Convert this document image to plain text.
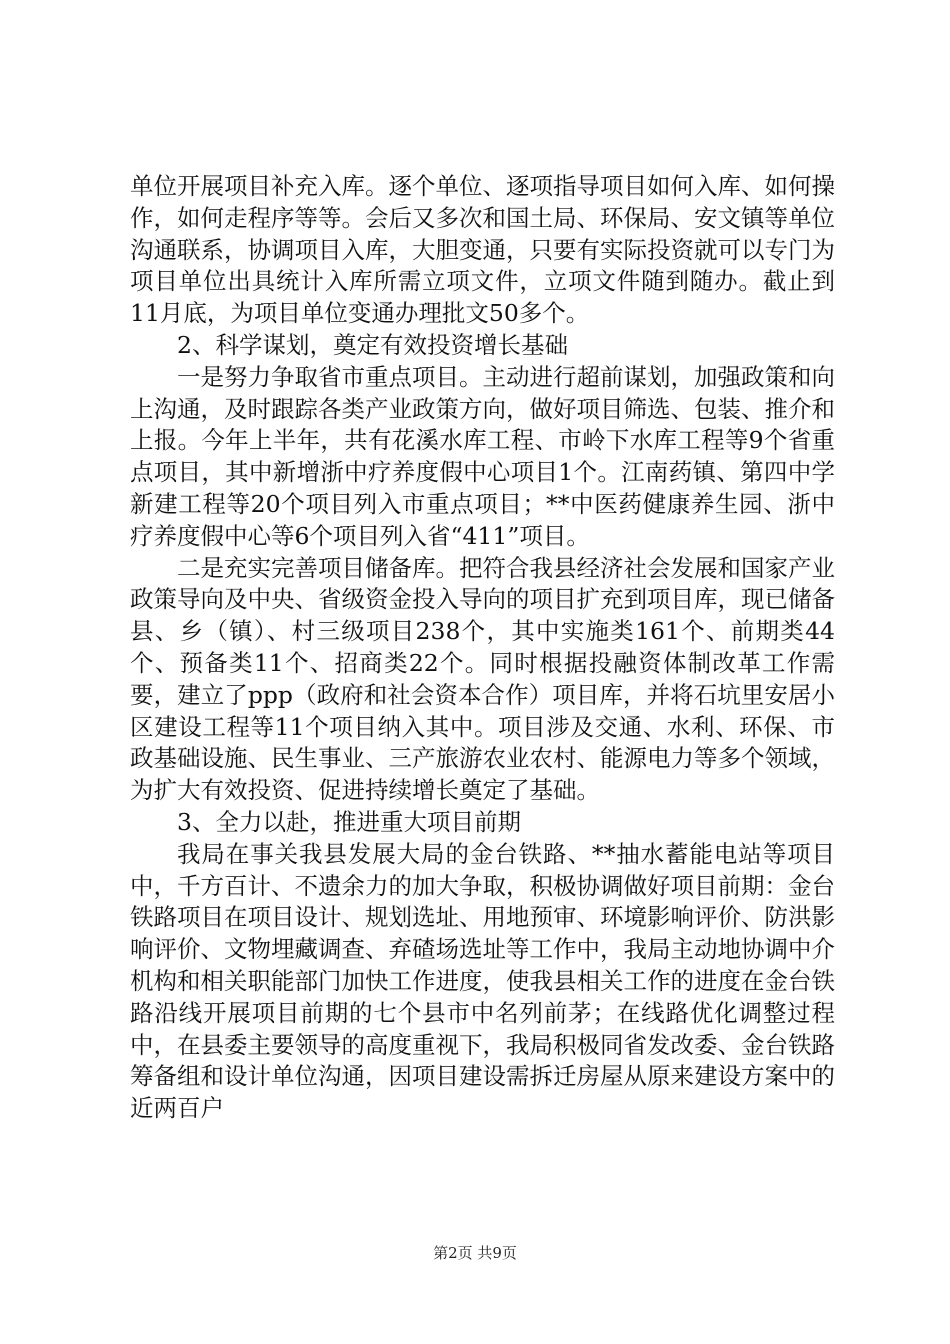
单位开展项目补充入库。逐个单位、逐项指导项目如何入库、如何操作，如何走程序等等。会后又多次和国土局、环保局、安文镇等单位沟通联系，协调项目入库，大胆变通，只要有实际投资就可以专门为项目单位出具统计入库所需立项文件，立项文件随到随办。截止到11月底，为项目单位变通办理批文50多个。

2、科学谋划，奠定有效投资增长基础

一是努力争取省市重点项目。主动进行超前谋划，加强政策和向上沟通，及时跟踪各类产业政策方向，做好项目筛选、包装、推介和上报。今年上半年，共有花溪水库工程、市岭下水库工程等9个省重点项目，其中新增浙中疗养度假中心项目1个。江南药镇、第四中学新建工程等20个项目列入市重点项目；**中医药健康养生园、浙中疗养度假中心等6个项目列入省“411”项目。

二是充实完善项目储备库。把符合我县经济社会发展和国家产业政策导向及中央、省级资金投入导向的项目扩充到项目库，现已储备县、乡（镇）、村三级项目238个，其中实施类161个、前期类44个、预备类11个、招商类22个。同时根据投融资体制改革工作需要，建立了ppp（政府和社会资本合作）项目库，并将石坑里安居小区建设工程等11个项目纳入其中。项目涉及交通、水利、环保、市政基础设施、民生事业、三产旅游农业农村、能源电力等多个领域，为扩大有效投资、促进持续增长奠定了基础。

3、全力以赴，推进重大项目前期

我局在事关我县发展大局的金台铁路、**抽水蓄能电站等项目中，千方百计、不遗余力的加大争取，积极协调做好项目前期：金台铁路项目在项目设计、规划选址、用地预审、环境影响评价、防洪影响评价、文物埋藏调查、弃碴场选址等工作中，我局主动地协调中介机构和相关职能部门加快工作进度，使我县相关工作的进度在金台铁路沿线开展项目前期的七个县市中名列前茅；在线路优化调整过程中，在县委主要领导的高度重视下，我局积极同省发改委、金台铁路筹备组和设计单位沟通，因项目建设需拆迁房屋从原来建设方案中的近两百户

第2页 共9页
